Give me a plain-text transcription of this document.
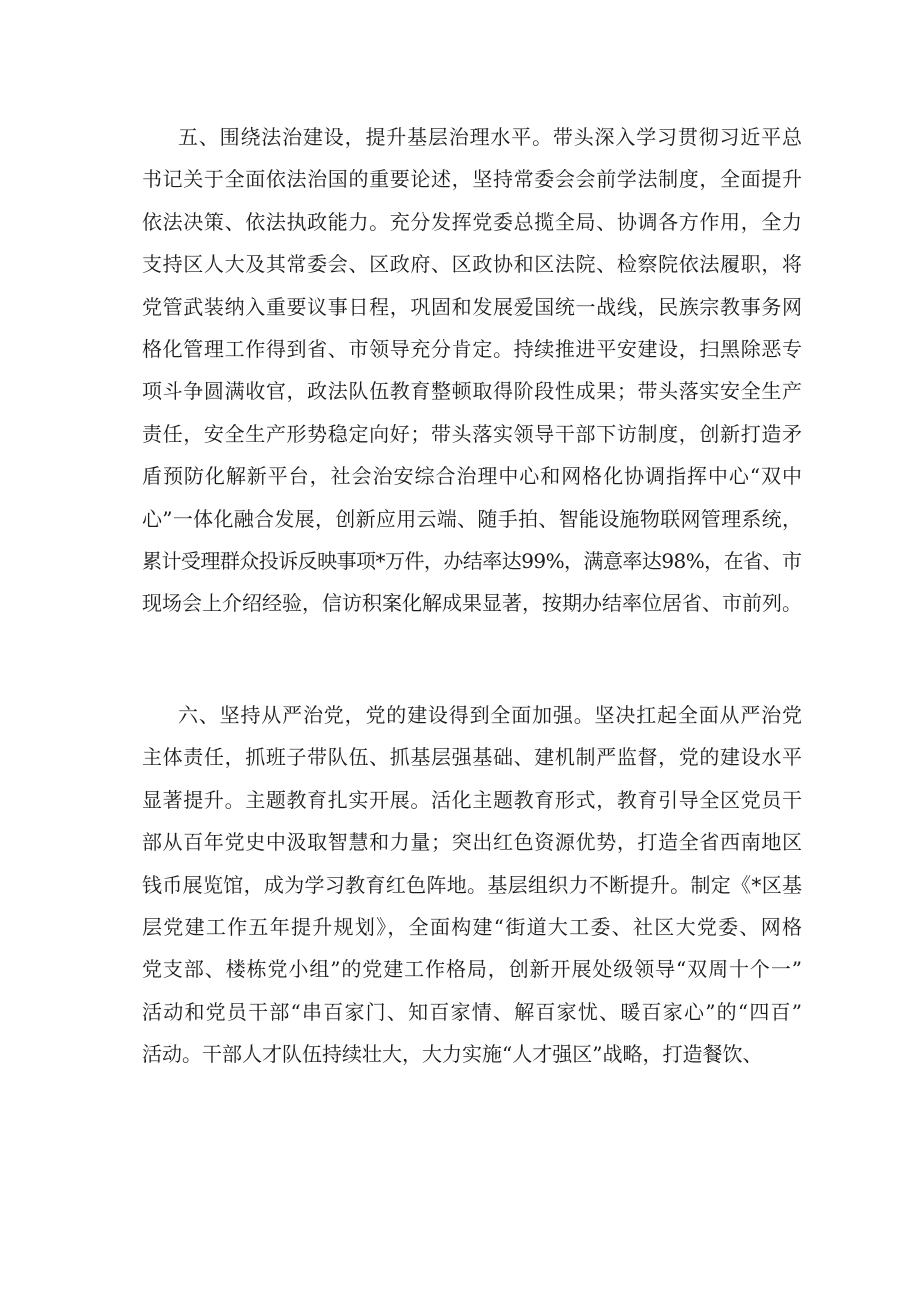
五、围绕法治建设，提升基层治理水平。带头深入学习贯彻习近平总
书记关于全面依法治国的重要论述，坚持常委会会前学法制度，全面提升
依法决策、依法执政能力。充分发挥党委总揽全局、协调各方作用，全力
支持区人大及其常委会、区政府、区政协和区法院、检察院依法履职，将
党管武装纳入重要议事日程，巩固和发展爱国统一战线，民族宗教事务网
格化管理工作得到省、市领导充分肯定。持续推进平安建设，扫黑除恶专
项斗争圆满收官，政法队伍教育整顿取得阶段性成果；带头落实安全生产
责任，安全生产形势稳定向好；带头落实领导干部下访制度，创新打造矛
盾预防化解新平台，社会治安综合治理中心和网格化协调指挥中心“双中
心”一体化融合发展，创新应用云端、随手拍、智能设施物联网管理系统，
累计受理群众投诉反映事项*万件，办结率达99%，满意率达98%，在省、市
现场会上介绍经验，信访积案化解成果显著，按期办结率位居省、市前列。
六、坚持从严治党，党的建设得到全面加强。坚决扛起全面从严治党
主体责任，抓班子带队伍、抓基层强基础、建机制严监督，党的建设水平
显著提升。主题教育扎实开展。活化主题教育形式，教育引导全区党员干
部从百年党史中汲取智慧和力量；突出红色资源优势，打造全省西南地区
钱币展览馆，成为学习教育红色阵地。基层组织力不断提升。制定《*区基
层党建工作五年提升规划》，全面构建“街道大工委、社区大党委、网格
党支部、楼栋党小组”的党建工作格局，创新开展处级领导“双周十个一”
活动和党员干部“串百家门、知百家情、解百家忧、暖百家心”的“四百”
活动。干部人才队伍持续壮大，大力实施“人才强区”战略，打造餐饮、
